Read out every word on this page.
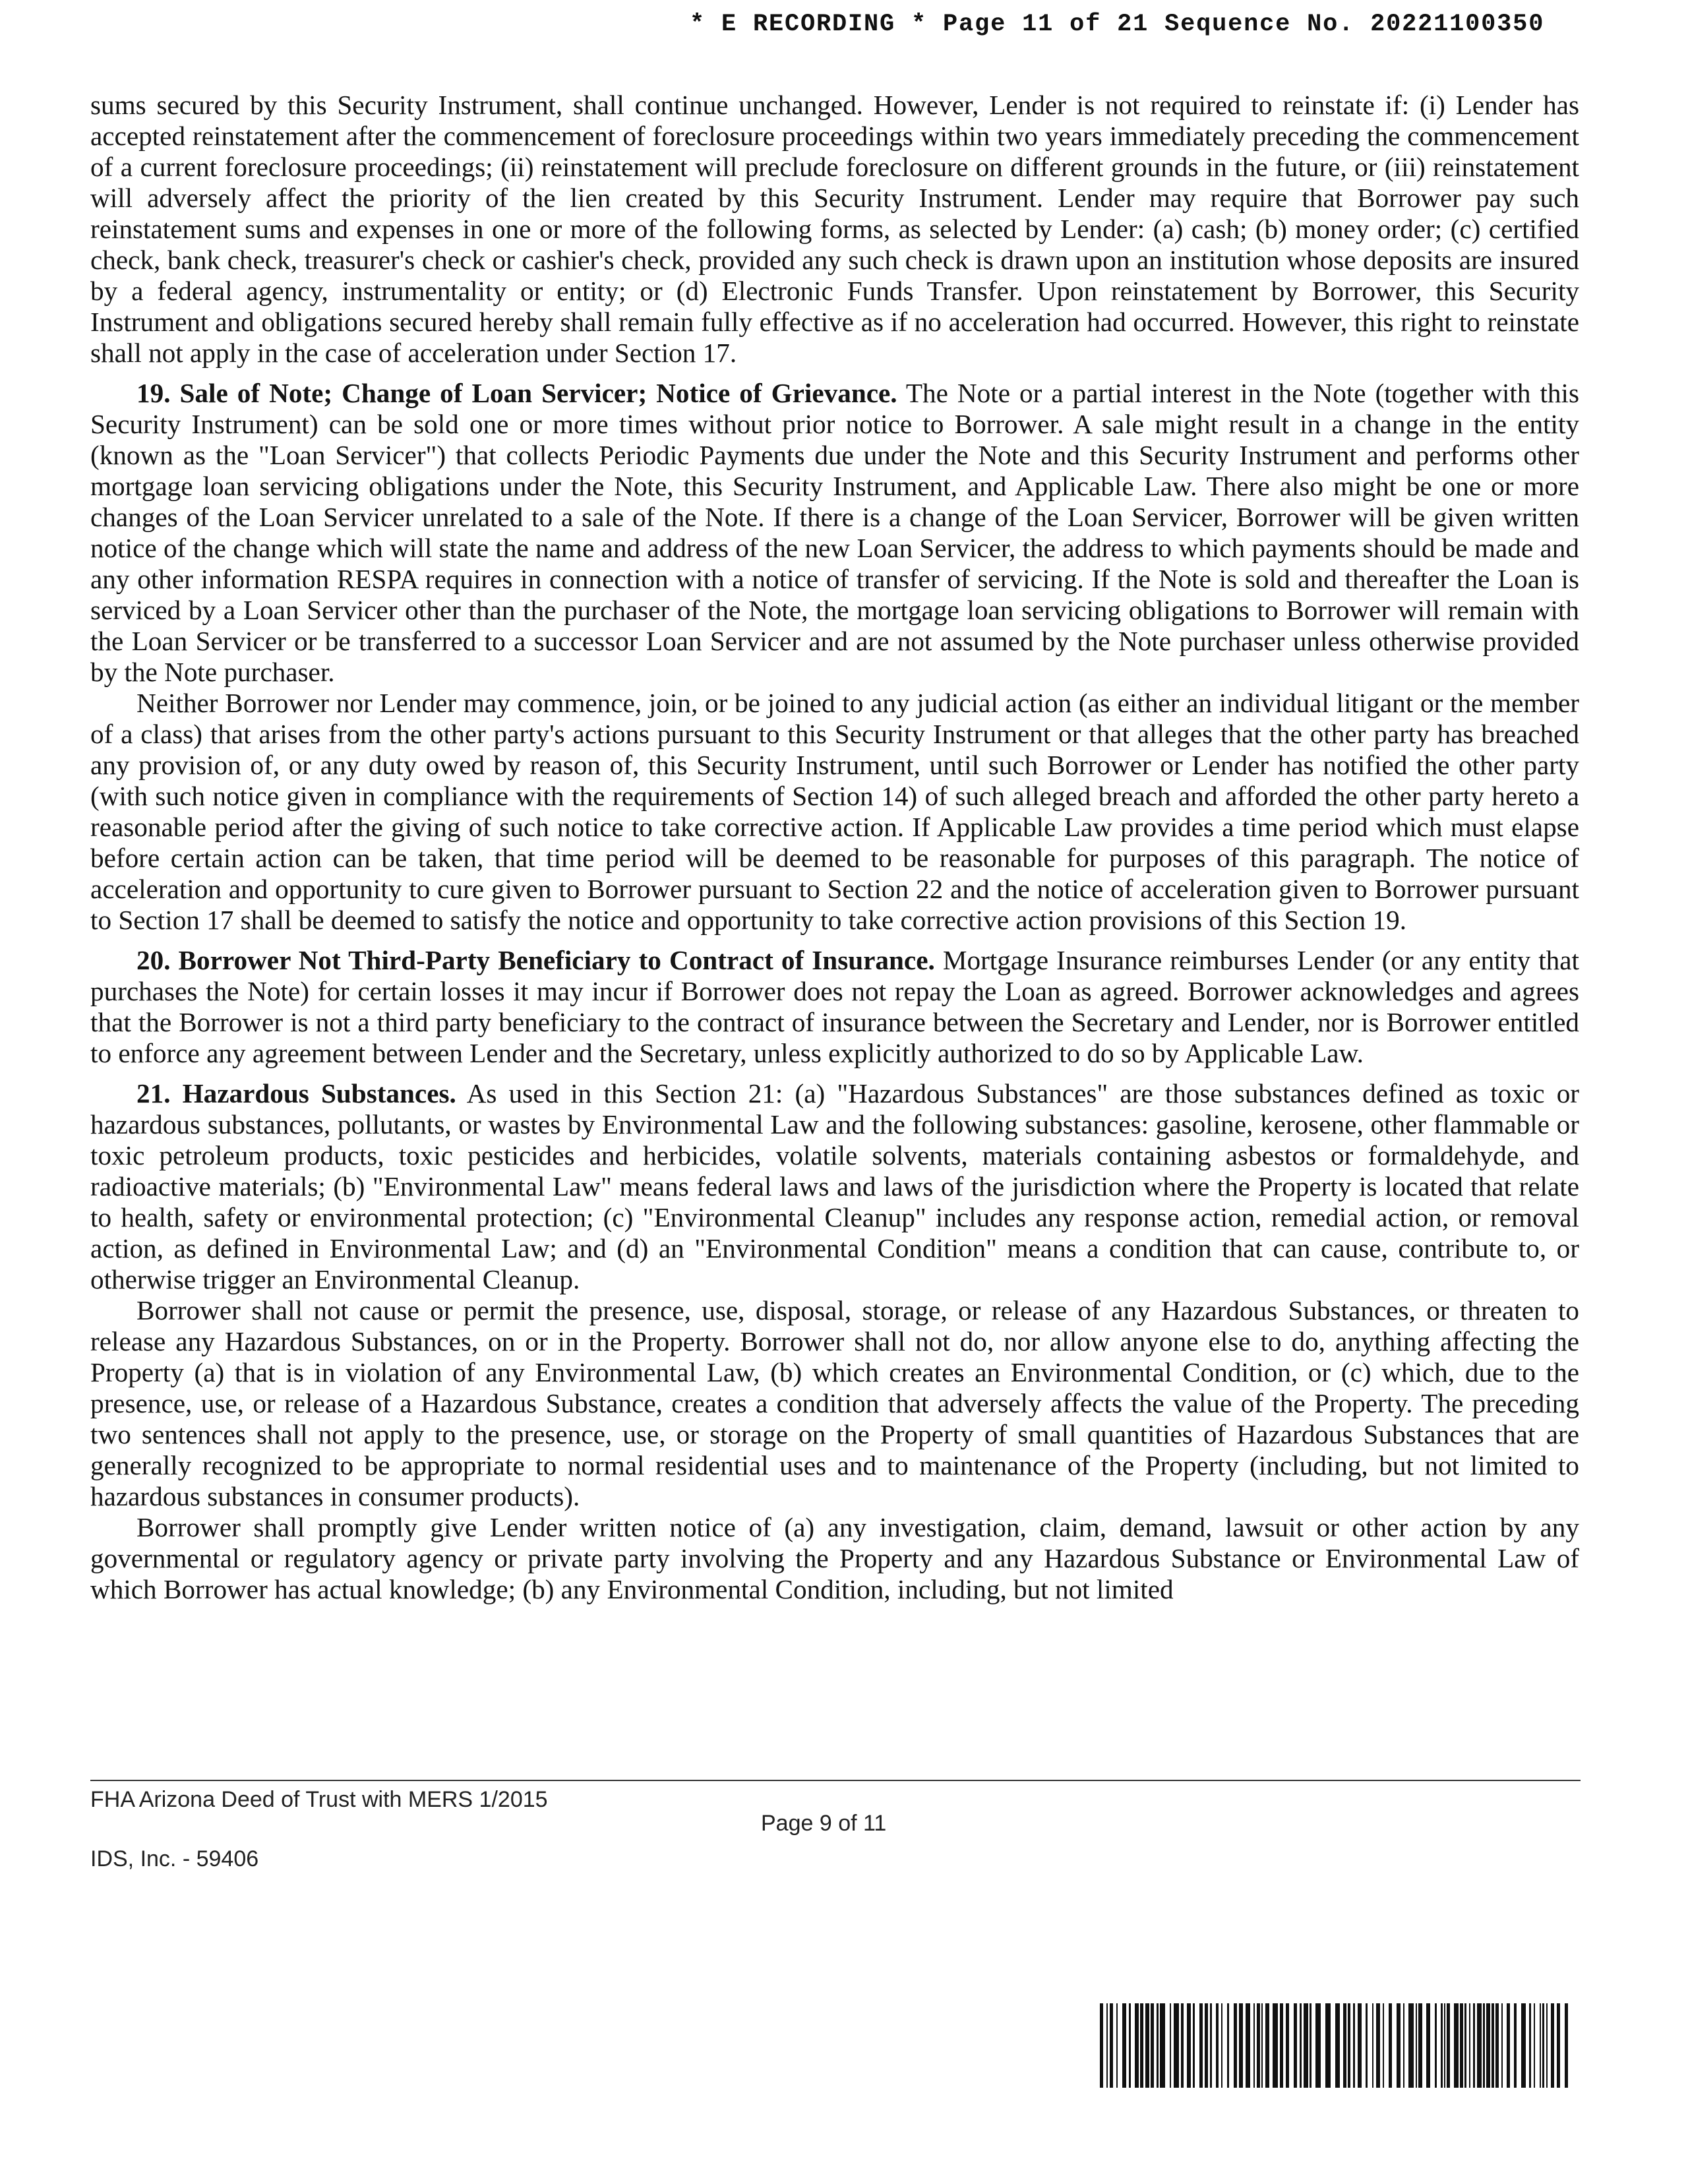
* E RECORDING * Page 11 of 21 Sequence No. 20221100350

sums secured by this Security Instrument, shall continue unchanged. However, Lender is not required to reinstate if: (i) Lender has accepted reinstatement after the commencement of foreclosure proceedings within two years immediately preceding the commencement of a current foreclosure proceedings; (ii) reinstatement will preclude foreclosure on different grounds in the future, or (iii) reinstatement will adversely affect the priority of the lien created by this Security Instrument. Lender may require that Borrower pay such reinstatement sums and expenses in one or more of the following forms, as selected by Lender: (a) cash; (b) money order; (c) certified check, bank check, treasurer's check or cashier's check, provided any such check is drawn upon an institution whose deposits are insured by a federal agency, instrumentality or entity; or (d) Electronic Funds Transfer. Upon reinstatement by Borrower, this Security Instrument and obligations secured hereby shall remain fully effective as if no acceleration had occurred. However, this right to reinstate shall not apply in the case of acceleration under Section 17.

19. Sale of Note; Change of Loan Servicer; Notice of Grievance. The Note or a partial interest in the Note (together with this Security Instrument) can be sold one or more times without prior notice to Borrower. A sale might result in a change in the entity (known as the "Loan Servicer") that collects Periodic Payments due under the Note and this Security Instrument and performs other mortgage loan servicing obligations under the Note, this Security Instrument, and Applicable Law. There also might be one or more changes of the Loan Servicer unrelated to a sale of the Note. If there is a change of the Loan Servicer, Borrower will be given written notice of the change which will state the name and address of the new Loan Servicer, the address to which payments should be made and any other information RESPA requires in connection with a notice of transfer of servicing. If the Note is sold and thereafter the Loan is serviced by a Loan Servicer other than the purchaser of the Note, the mortgage loan servicing obligations to Borrower will remain with the Loan Servicer or be transferred to a successor Loan Servicer and are not assumed by the Note purchaser unless otherwise provided by the Note purchaser.

Neither Borrower nor Lender may commence, join, or be joined to any judicial action (as either an individual litigant or the member of a class) that arises from the other party's actions pursuant to this Security Instrument or that alleges that the other party has breached any provision of, or any duty owed by reason of, this Security Instrument, until such Borrower or Lender has notified the other party (with such notice given in compliance with the requirements of Section 14) of such alleged breach and afforded the other party hereto a reasonable period after the giving of such notice to take corrective action. If Applicable Law provides a time period which must elapse before certain action can be taken, that time period will be deemed to be reasonable for purposes of this paragraph. The notice of acceleration and opportunity to cure given to Borrower pursuant to Section 22 and the notice of acceleration given to Borrower pursuant to Section 17 shall be deemed to satisfy the notice and opportunity to take corrective action provisions of this Section 19.

20. Borrower Not Third-Party Beneficiary to Contract of Insurance. Mortgage Insurance reimburses Lender (or any entity that purchases the Note) for certain losses it may incur if Borrower does not repay the Loan as agreed. Borrower acknowledges and agrees that the Borrower is not a third party beneficiary to the contract of insurance between the Secretary and Lender, nor is Borrower entitled to enforce any agreement between Lender and the Secretary, unless explicitly authorized to do so by Applicable Law.

21. Hazardous Substances. As used in this Section 21: (a) "Hazardous Substances" are those substances defined as toxic or hazardous substances, pollutants, or wastes by Environmental Law and the following substances: gasoline, kerosene, other flammable or toxic petroleum products, toxic pesticides and herbicides, volatile solvents, materials containing asbestos or formaldehyde, and radioactive materials; (b) "Environmental Law" means federal laws and laws of the jurisdiction where the Property is located that relate to health, safety or environmental protection; (c) "Environmental Cleanup" includes any response action, remedial action, or removal action, as defined in Environmental Law; and (d) an "Environmental Condition" means a condition that can cause, contribute to, or otherwise trigger an Environmental Cleanup.

Borrower shall not cause or permit the presence, use, disposal, storage, or release of any Hazardous Substances, or threaten to release any Hazardous Substances, on or in the Property. Borrower shall not do, nor allow anyone else to do, anything affecting the Property (a) that is in violation of any Environmental Law, (b) which creates an Environmental Condition, or (c) which, due to the presence, use, or release of a Hazardous Substance, creates a condition that adversely affects the value of the Property. The preceding two sentences shall not apply to the presence, use, or storage on the Property of small quantities of Hazardous Substances that are generally recognized to be appropriate to normal residential uses and to maintenance of the Property (including, but not limited to hazardous substances in consumer products).

Borrower shall promptly give Lender written notice of (a) any investigation, claim, demand, lawsuit or other action by any governmental or regulatory agency or private party involving the Property and any Hazardous Substance or Environmental Law of which Borrower has actual knowledge; (b) any Environmental Condition, including, but not limited

FHA Arizona Deed of Trust with MERS 1/2015
Page 9 of 11
IDS, Inc. - 59406
